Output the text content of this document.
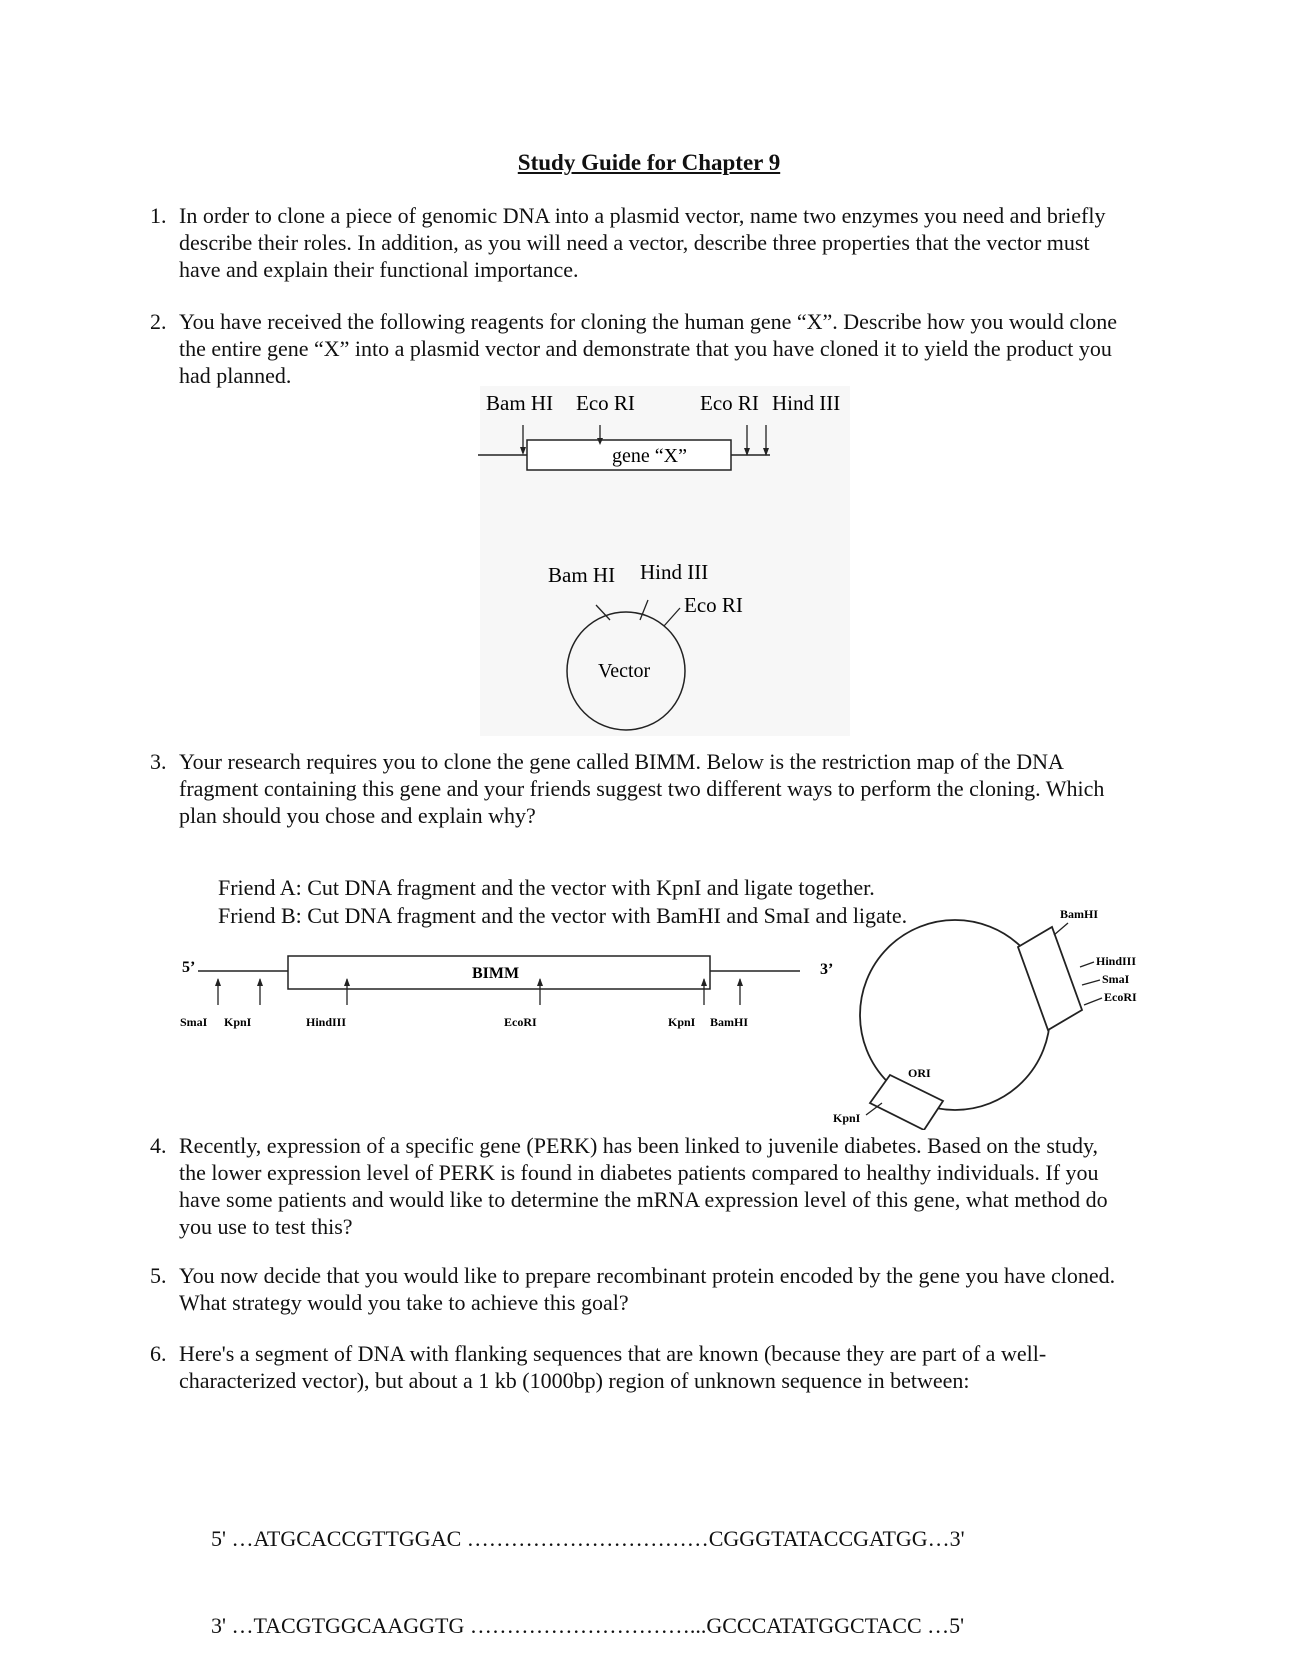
Study Guide for Chapter 9
1. In order to clone a piece of genomic DNA into a plasmid vector, name two enzymes you need and briefly describe their roles. In addition, as you will need a vector, describe three properties that the vector must have and explain their functional importance.
2. You have received the following reagents for cloning the human gene “X”. Describe how you would clone the entire gene “X” into a plasmid vector and demonstrate that you have cloned it to yield the product you had planned.
Bam HI Eco RI	Eco RI Hind III
gene “X”
Bam HI Hind III
Eco RI
Vector
3. Your research requires you to clone the gene called BIMM. Below is the restriction map of the DNA fragment containing this gene and your friends suggest two different ways to perform the cloning. Which plan should you chose and explain why?
Friend A: Cut DNA fragment and the vector with KpnI and ligate together.
Friend B: Cut DNA fragment and the vector with BamHI and SmaI and ligate.
5’	3’
BIMM
SmaI KpnI	HindIII	EcoRI	KpnI BamHI
BamHI
HindIII
SmaI
EcoRI
ORI
KpnI
4. Recently, expression of a specific gene (PERK) has been linked to juvenile diabetes. Based on the study, the lower expression level of PERK is found in diabetes patients compared to healthy individuals. If you have some patients and would like to determine the mRNA expression level of this gene, what method do you use to test this?
5. You now decide that you would like to prepare recombinant protein encoded by the gene you have cloned. What strategy would you take to achieve this goal?
6. Here's a segment of DNA with flanking sequences that are known (because they are part of a well-characterized vector), but about a 1 kb (1000bp) region of unknown sequence in between:

5' …ATGCACCGTTGGAC ……………………………CGGGTATACCGATGG…3'

3' …TACGTGGCAAGGTG …………………………...GCCCATATGGCTACC …5'
